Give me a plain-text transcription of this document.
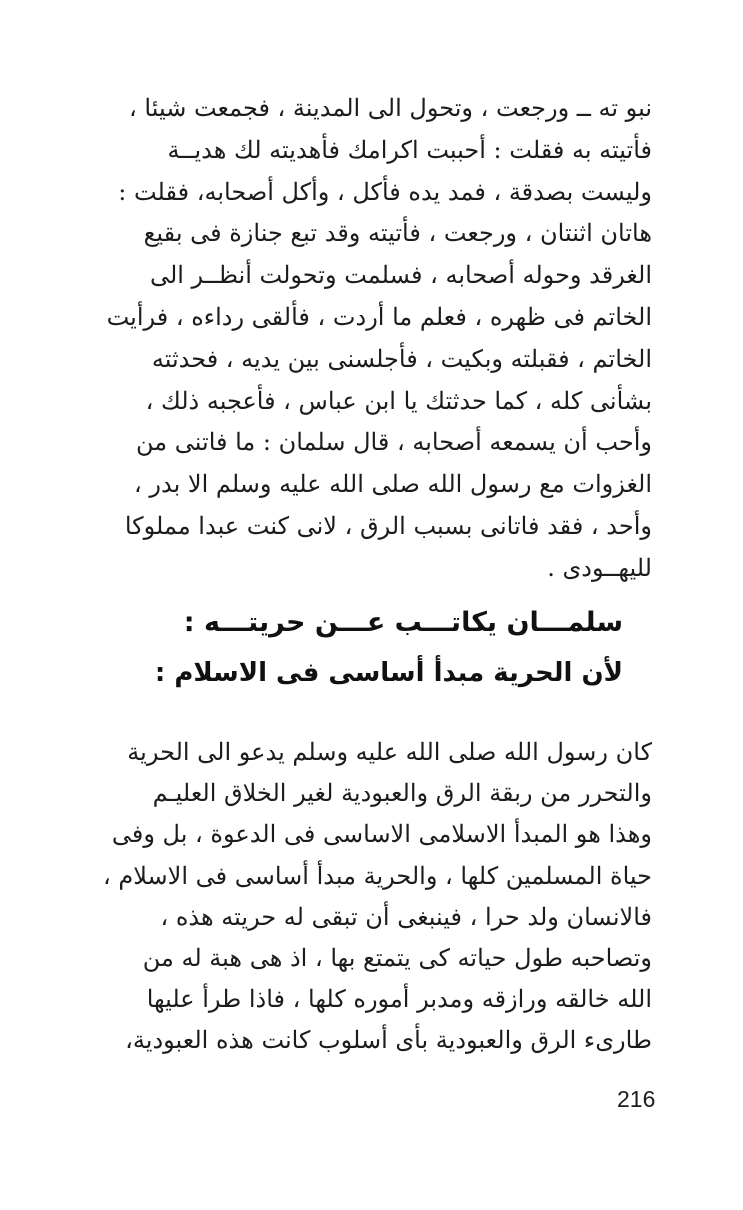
نبو ته ــ ورجعت ، وتحول الى المدينة ، فجمعت شيئا ،
فأتيته به فقلت : أحببت اكرامك فأهديته لك هديــة
وليست بصدقة ، فمد يده فأكل ، وأكل أصحابه، فقلت :
هاتان اثنتان ، ورجعت ، فأتيته وقد تبع جنازة فى بقيع
الغرقد وحوله أصحابه ، فسلمت وتحولت أنظــر الى
الخاتم فى ظهره ، فعلم ما أردت ، فألقى رداءه ، فرأيت
الخاتم ، فقبلته وبكيت ، فأجلسنى بين يديه ، فحدثته
بشأنى كله ، كما حدثتك يا ابن عباس ، فأعجبه ذلك ،
وأحب أن يسمعه أصحابه ، قال سلمان : ما فاتنى من
الغزوات مع رسول الله صلى الله عليه وسلم الا بدر ،
وأحد ، فقد فاتانى بسبب الرق ، لانى كنت عبدا مملوكا
لليهــودى .
سلمـــان يكاتـــب عـــن حريتـــه :
لأن الحرية مبدأ أساسى فى الاسلام :
كان رسول الله صلى الله عليه وسلم يدعو الى الحرية
والتحرر من ربقة الرق والعبودية لغير الخلاق العليـم
وهذا هو المبدأ الاسلامى الاساسى فى الدعوة ، بل وفى
حياة المسلمين كلها ، والحرية مبدأ أساسى فى الاسلام ،
فالانسان ولد حرا ، فينبغى أن تبقى له حريته هذه ،
وتصاحبه طول حياته كى يتمتع بها ، اذ هى هبة له من
الله خالقه ورازقه ومدبر أموره كلها ، فاذا طرأ عليها
طارىء الرق والعبودية بأى أسلوب كانت هذه العبودية،
216
